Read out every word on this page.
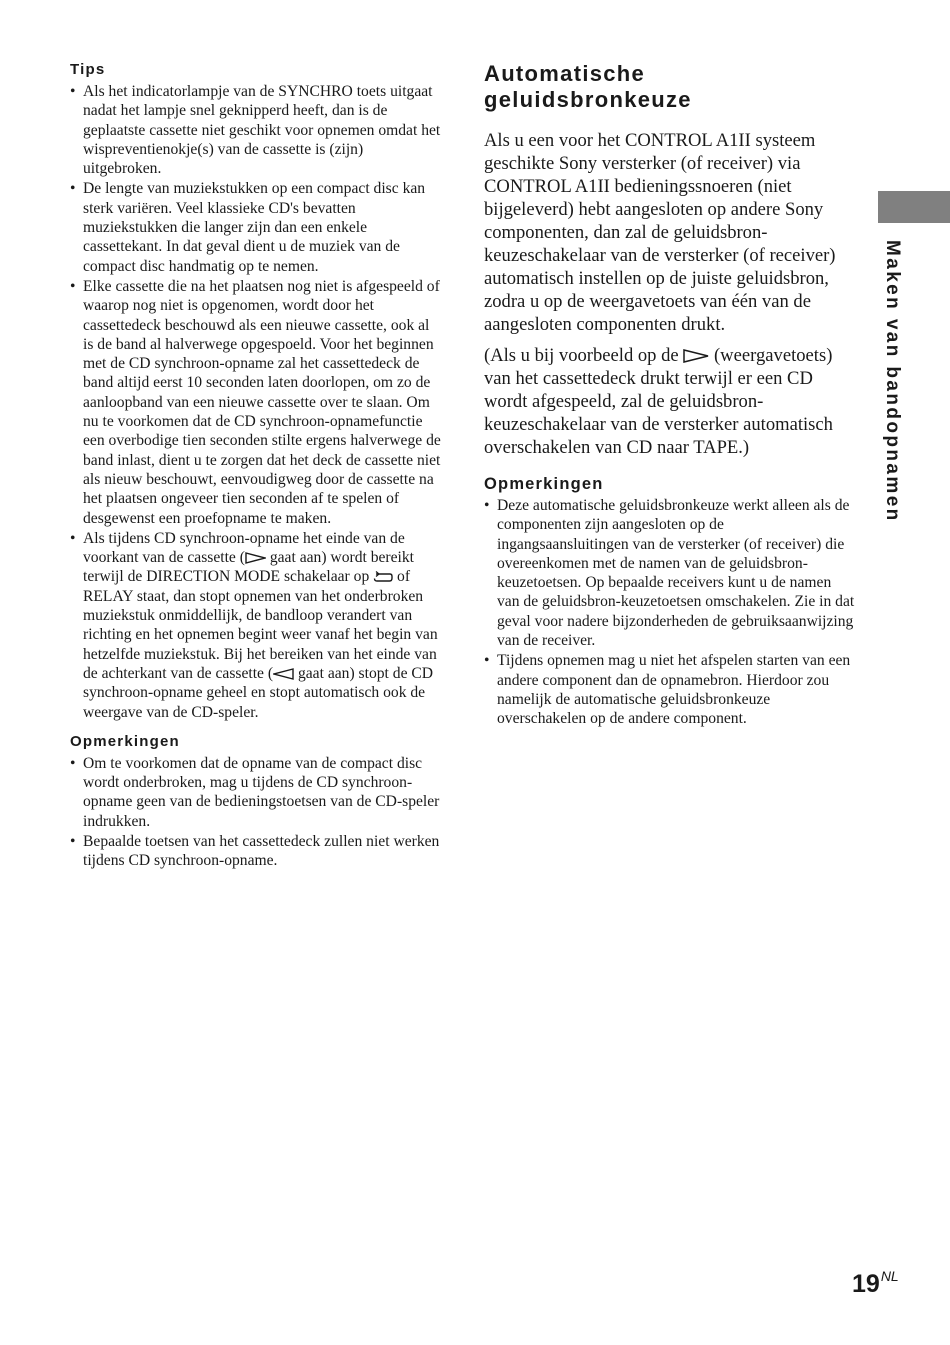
Tips
• Als het indicatorlampje van de SYNCHRO toets uitgaat nadat het lampje snel geknipperd heeft, dan is de geplaatste cassette niet geschikt voor opnemen omdat het wispreventienokje(s) van de cassette is (zijn) uitgebroken.
• De lengte van muziekstukken op een compact disc kan sterk variëren. Veel klassieke CD's bevatten muziekstukken die langer zijn dan een enkele cassettekant. In dat geval dient u de muziek van de compact disc handmatig op te nemen.
• Elke cassette die na het plaatsen nog niet is afgespeeld of waarop nog niet is opgenomen, wordt door het cassettedeck beschouwd als een nieuwe cassette, ook al is de band al halverwege opgespoeld. Voor het beginnen met de CD synchroon-opname zal het cassettedeck de band altijd eerst 10 seconden laten doorlopen, om zo de aanloopband van een nieuwe cassette over te slaan. Om nu te voorkomen dat de CD synchroon-opnamefunctie een overbodige tien seconden stilte ergens halverwege de band inlast, dient u te zorgen dat het deck de cassette niet als nieuw beschouwt, eenvoudigweg door de cassette na het plaatsen ongeveer tien seconden af te spelen of desgewenst een proefopname te maken.
• Als tijdens CD synchroon-opname het einde van de voorkant van de cassette ( gaat aan) wordt bereikt terwijl de DIRECTION MODE schakelaar op  of RELAY staat, dan stopt opnemen van het onderbroken muziekstuk onmiddellijk, de bandloop verandert van richting en het opnemen begint weer vanaf het begin van hetzelfde muziekstuk. Bij het bereiken van het einde van de achterkant van de cassette ( gaat aan) stopt de CD synchroon-opname geheel en stopt automatisch ook de weergave van de CD-speler.
Opmerkingen
• Om te voorkomen dat de opname van de compact disc wordt onderbroken, mag u tijdens de CD synchroon-opname geen van de bedieningstoetsen van de CD-speler indrukken.
• Bepaalde toetsen van het cassettedeck zullen niet werken tijdens CD synchroon-opname.
Automatische
geluidsbronkeuze

Als u een voor het CONTROL A1II systeem geschikte Sony versterker (of receiver) via CONTROL A1II bedieningssnoeren (niet bijgeleverd) hebt aangesloten op andere Sony componenten, dan zal de geluidsbron-keuzeschakelaar van de versterker (of receiver) automatisch instellen op de juiste geluidsbron, zodra u op de weergavetoets van één van de aangesloten componenten drukt.

(Als u bij voorbeeld op de  (weergavetoets) van het cassettedeck drukt terwijl er een CD wordt afgespeeld, zal de geluidsbron-keuzeschakelaar van de versterker automatisch overschakelen van CD naar TAPE.)

Opmerkingen
• Deze automatische geluidsbronkeuze werkt alleen als de componenten zijn aangesloten op de ingangsaansluitingen van de versterker (of receiver) die overeenkomen met de namen van de geluidsbron-keuzetoetsen. Op bepaalde receivers kunt u de namen van de geluidsbron-keuzetoetsen omschakelen. Zie in dat geval voor nadere bijzonderheden de gebruiksaanwijzing van de receiver.
• Tijdens opnemen mag u niet het afspelen starten van een andere component dan de opnamebron. Hierdoor zou namelijk de automatische geluidsbronkeuze overschakelen op de andere component.
Maken van bandopnamen
$19^{NL}$
